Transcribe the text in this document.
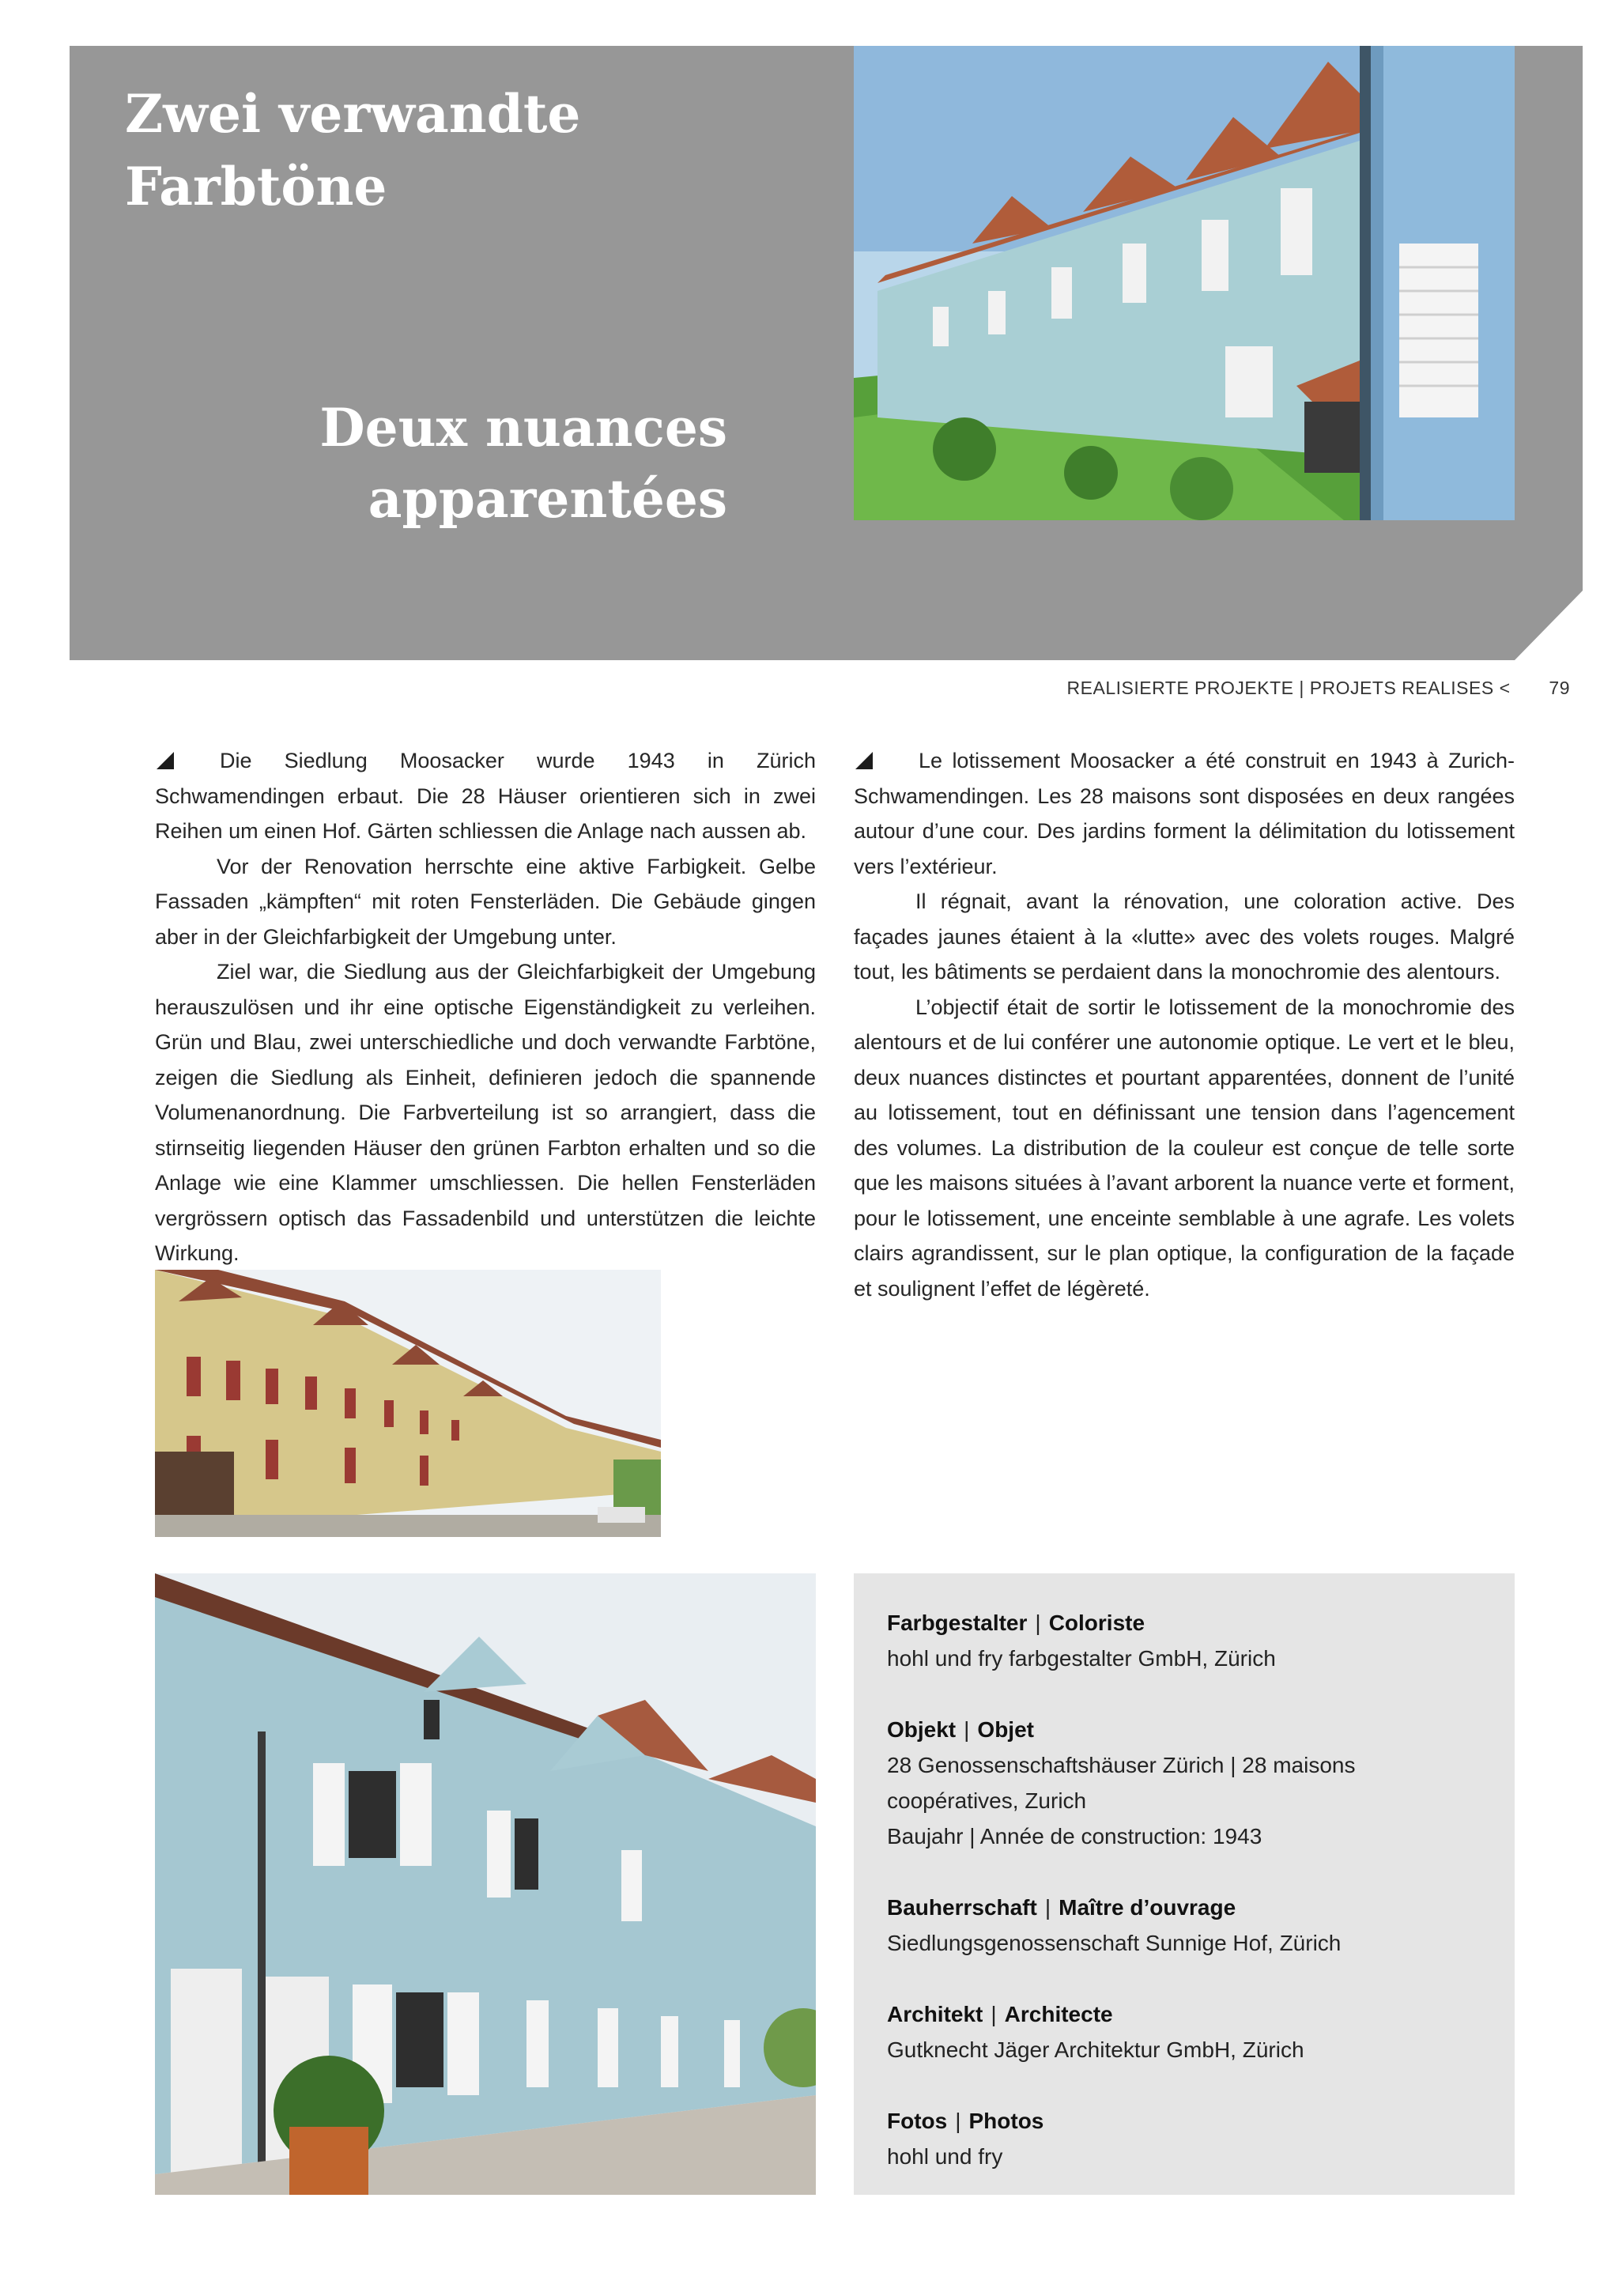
Zwei verwandte Farbtöne
Deux nuances apparentées
REALISIERTE PROJEKTE | PROJETS REALISES < 79

Die Siedlung Moosacker wurde 1943 in Zürich Schwamendingen erbaut. Die 28 Häuser orientieren sich in zwei Reihen um einen Hof. Gärten schliessen die Anlage nach aussen ab.

Vor der Renovation herrschte eine aktive Farbigkeit. Gelbe Fassaden „kämpften“ mit roten Fensterläden. Die Gebäude gingen aber in der Gleichfarbigkeit der Umgebung unter.

Ziel war, die Siedlung aus der Gleichfarbigkeit der Umgebung herauszulösen und ihr eine optische Eigenständigkeit zu verleihen. Grün und Blau, zwei unterschiedliche und doch verwandte Farbtöne, zeigen die Siedlung als Einheit, definieren jedoch die spannende Volumenanordnung. Die Farbverteilung ist so arrangiert, dass die stirnseitig liegenden Häuser den grünen Farbton erhalten und so die Anlage wie eine Klammer umschliessen. Die hellen Fensterläden vergrössern optisch das Fassadenbild und unterstützen die leichte Wirkung.

Le lotissement Moosacker a été construit en 1943 à Zurich-Schwamendingen. Les 28 maisons sont disposées en deux rangées autour d’une cour. Des jardins forment la délimitation du lotissement vers l’extérieur.

Il régnait, avant la rénovation, une coloration active. Des façades jaunes étaient à la «lutte» avec des volets rouges. Malgré tout, les bâtiments se perdaient dans la monochromie des alentours.

L’objectif était de sortir le lotissement de la monochromie des alentours et de lui conférer une autonomie optique. Le vert et le bleu, deux nuances distinctes et pourtant apparentées, donnent de l’unité au lotissement, tout en définissant une tension dans l’agencement des volumes. La distribution de la couleur est conçue de telle sorte que les maisons situées à l’avant arborent la nuance verte et forment, pour le lotissement, une enceinte semblable à une agrafe. Les volets clairs agrandissent, sur le plan optique, la configuration de la façade et soulignent l’effet de légèreté.

Farbgestalter | Coloriste
hohl und fry farbgestalter GmbH, Zürich
Objekt | Objet
28 Genossenschaftshäuser Zürich | 28 maisons coopératives, Zurich
Baujahr | Année de construction: 1943
Bauherrschaft | Maître d’ouvrage
Siedlungsgenossenschaft Sunnige Hof, Zürich
Architekt | Architecte
Gutknecht Jäger Architektur GmbH, Zürich
Fotos | Photos
hohl und fry
